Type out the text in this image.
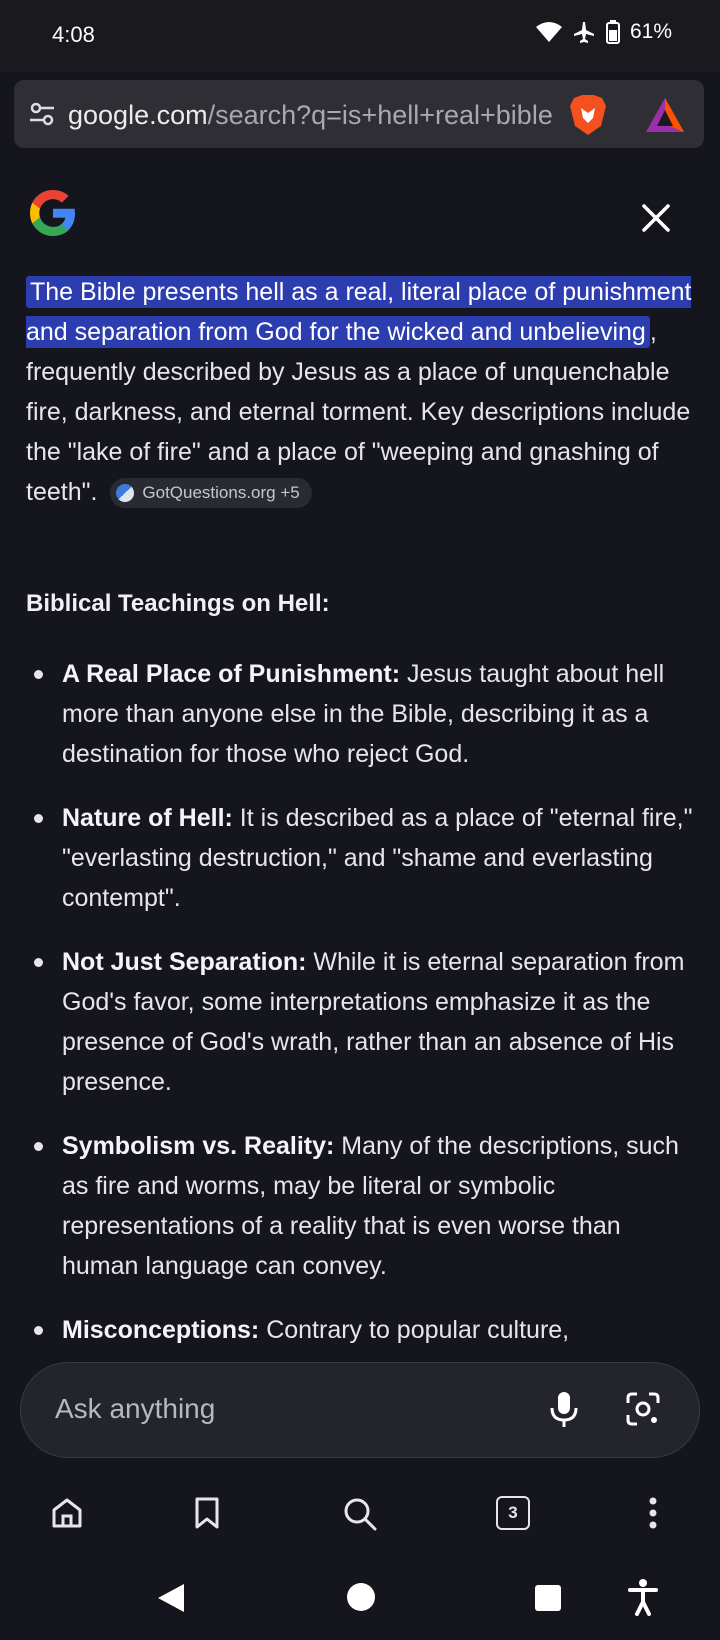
4:08	61%
google.com/search?q=is+hell+real+bible
The Bible presents hell as a real, literal place of punishment and separation from God for the wicked and unbelieving , frequently described by Jesus as a place of unquenchable fire, darkness, and eternal torment. Key descriptions include the "lake of fire" and a place of "weeping and gnashing of teeth".	GotQuestions.org +5
Biblical Teachings on Hell:
A Real Place of Punishment: Jesus taught about hell more than anyone else in the Bible, describing it as a destination for those who reject God.
Nature of Hell: It is described as a place of "eternal fire," "everlasting destruction," and "shame and everlasting contempt".
Not Just Separation: While it is eternal separation from God's favor, some interpretations emphasize it as the presence of God's wrath, rather than an absence of His presence.
Symbolism vs. Reality: Many of the descriptions, such as fire and worms, may be literal or symbolic representations of a reality that is even worse than human language can convey.
Misconceptions: Contrary to popular culture,
Ask anything
3
